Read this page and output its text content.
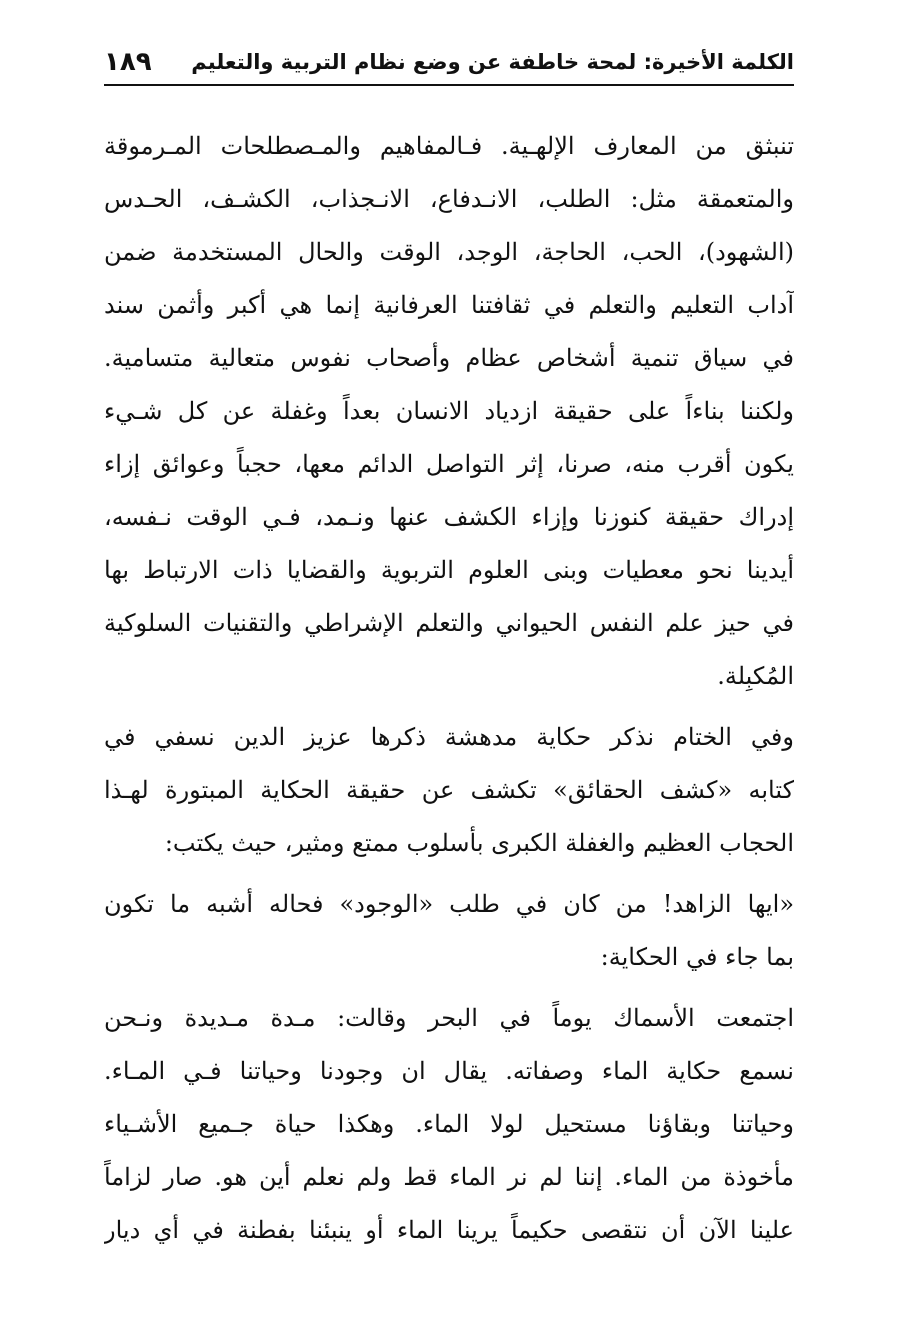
الكلمة الأخيرة: لمحة خاطفة عن وضع نظام التربية والتعليم
١٨٩
تنبثق من المعارف الإلهـية. فـالمفاهيم والمـصطلحات المـرموقة
والمتعمقة مثل: الطلب، الانـدفاع، الانـجذاب، الكشـف، الحـدس
(الشهود)، الحب، الحاجة، الوجد، الوقت والحال المستخدمة ضمن
آداب التعليم والتعلم في ثقافتنا العرفانية إنما هي أكبر وأثمن سند
في سياق تنمية أشخاص عظام وأصحاب نفوس متعالية متسامية.
ولكننا بناءاً على حقيقة ازدياد الانسان بعداً وغفلة عن كل شـيء
يكون أقرب منه، صرنا، إثر التواصل الدائم معها، حجباً وعوائق إزاء
إدراك حقيقة كنوزنا وإزاء الكشف عنها ونـمد، فـي الوقت نـفسه،
أيدينا نحو معطيات وبنى العلوم التربوية والقضايا ذات الارتباط بها
في حيز علم النفس الحيواني والتعلم الإشراطي والتقنيات السلوكية
المُكبِلة.
وفي الختام نذكر حكاية مدهشة ذكرها عزيز الدين نسفي في
كتابه «كشف الحقائق» تكشف عن حقيقة الحكاية المبتورة لهـذا
الحجاب العظيم والغفلة الكبرى بأسلوب ممتع ومثير، حيث يكتب:
«ايها الزاهد! من كان في طلب «الوجود» فحاله أشبه ما تكون
بما جاء في الحكاية:
اجتمعت الأسماك يوماً في البحر وقالت: مـدة مـديدة ونـحن
نسمع حكاية الماء وصفاته. يقال ان وجودنا وحياتنا فـي المـاء.
وحياتنا وبقاؤنا مستحيل لولا الماء. وهكذا حياة جـميع الأشـياء
مأخوذة من الماء. إننا لم نر الماء قط ولم نعلم أين هو. صار لزاماً
علينا الآن أن نتقصى حكيماً يرينا الماء أو ينبئنا بفطنة في أي ديار
